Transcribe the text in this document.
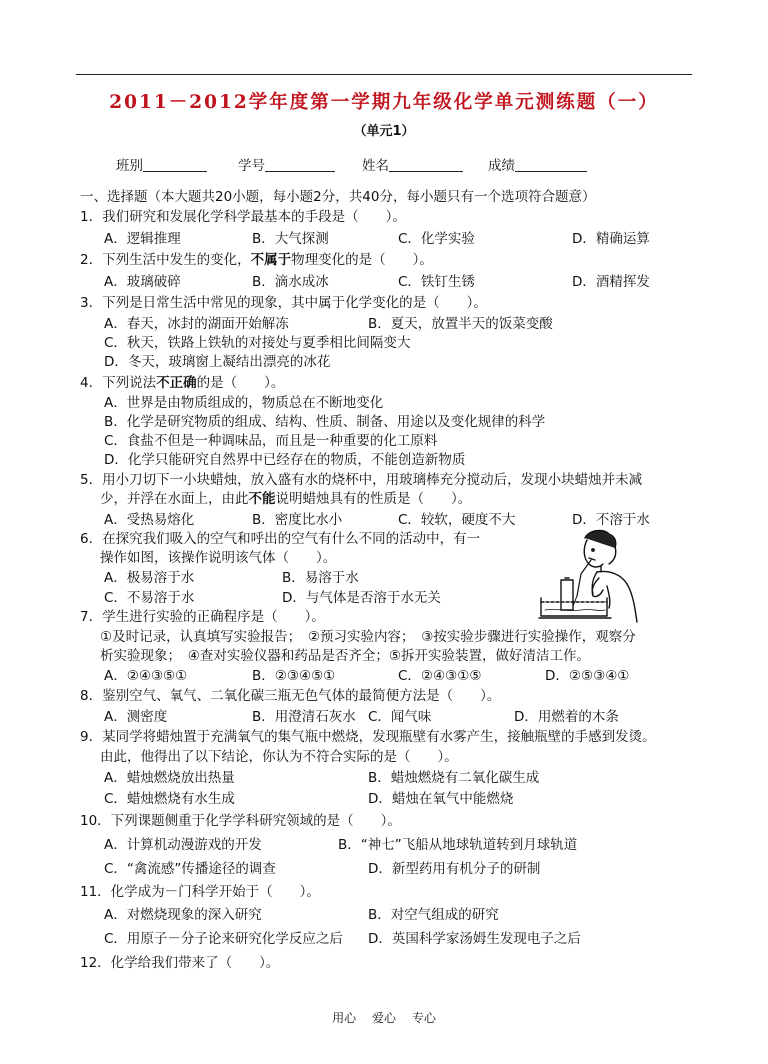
2011－2012学年度第一学期九年级化学单元测练题（一）
（单元1）
班别	学号	姓名	成绩
一、选择题（本大题共20小题，每小题2分，共40分，每小题只有一个选项符合题意）
1．我们研究和发展化学科学最基本的手段是（　　）。
A．逻辑推理	B．大气探测	C．化学实验	D．精确运算
2．下列生活中发生的变化，不属于物理变化的是（　　）。
A．玻璃破碎	B．滴水成冰	C．铁钉生锈	D．酒精挥发
3．下列是日常生活中常见的现象，其中属于化学变化的是（　　）。
A．春天，冰封的湖面开始解冻	B．夏天，放置半天的饭菜变酸
C．秋天，铁路上铁轨的对接处与夏季相比间隔变大
D．冬天，玻璃窗上凝结出漂亮的冰花
4．下列说法不正确的是（　　）。
A．世界是由物质组成的，物质总在不断地变化
B．化学是研究物质的组成、结构、性质、制备、用途以及变化规律的科学
C．食盐不但是一种调味品，而且是一种重要的化工原料
D．化学只能研究自然界中已经存在的物质，不能创造新物质
5．用小刀切下一小块蜡烛，放入盛有水的烧杯中，用玻璃棒充分搅动后，发现小块蜡烛并未减
少，并浮在水面上，由此不能说明蜡烛具有的性质是（　　）。
A．受热易熔化	B．密度比水小	C．较软，硬度不大	D．不溶于水
6．在探究我们吸入的空气和呼出的空气有什么不同的活动中，有一
操作如图，该操作说明该气体（　　）。
A．极易溶于水	B．易溶于水
C．不易溶于水	D．与气体是否溶于水无关
7．学生进行实验的正确程序是（　　）。
①及时记录，认真填写实验报告；　②预习实验内容；　③按实验步骤进行实验操作，观察分
析实验现象；　④查对实验仪器和药品是否齐全；⑤拆开实验装置，做好清洁工作。
A．②④③⑤①	B．②③④⑤①	C．②④③①⑤	D．②⑤③④①
8．鉴别空气、氧气、二氧化碳三瓶无色气体的最简便方法是（　　）。
A．测密度	B．用澄清石灰水 C．闻气味	D．用燃着的木条
9．某同学将蜡烛置于充满氧气的集气瓶中燃烧，发现瓶壁有水雾产生，接触瓶壁的手感到发烫。
由此，他得出了以下结论，你认为不符合实际的是（　　）。
A．蜡烛燃烧放出热量	B．蜡烛燃烧有二氧化碳生成
C．蜡烛燃烧有水生成	D．蜡烛在氧气中能燃烧
10．下列课题侧重于化学学科研究领域的是（　　）。
A．计算机动漫游戏的开发	B．“神七”飞船从地球轨道转到月球轨道
C．“禽流感”传播途径的调查	D．新型药用有机分子的研制
11．化学成为－门科学开始于（　　）。
A．对燃烧现象的深入研究	B．对空气组成的研究
C．用原子－分子论来研究化学反应之后 D．英国科学家汤姆生发现电子之后
12．化学给我们带来了（　　）。
用心 爱心 专心
